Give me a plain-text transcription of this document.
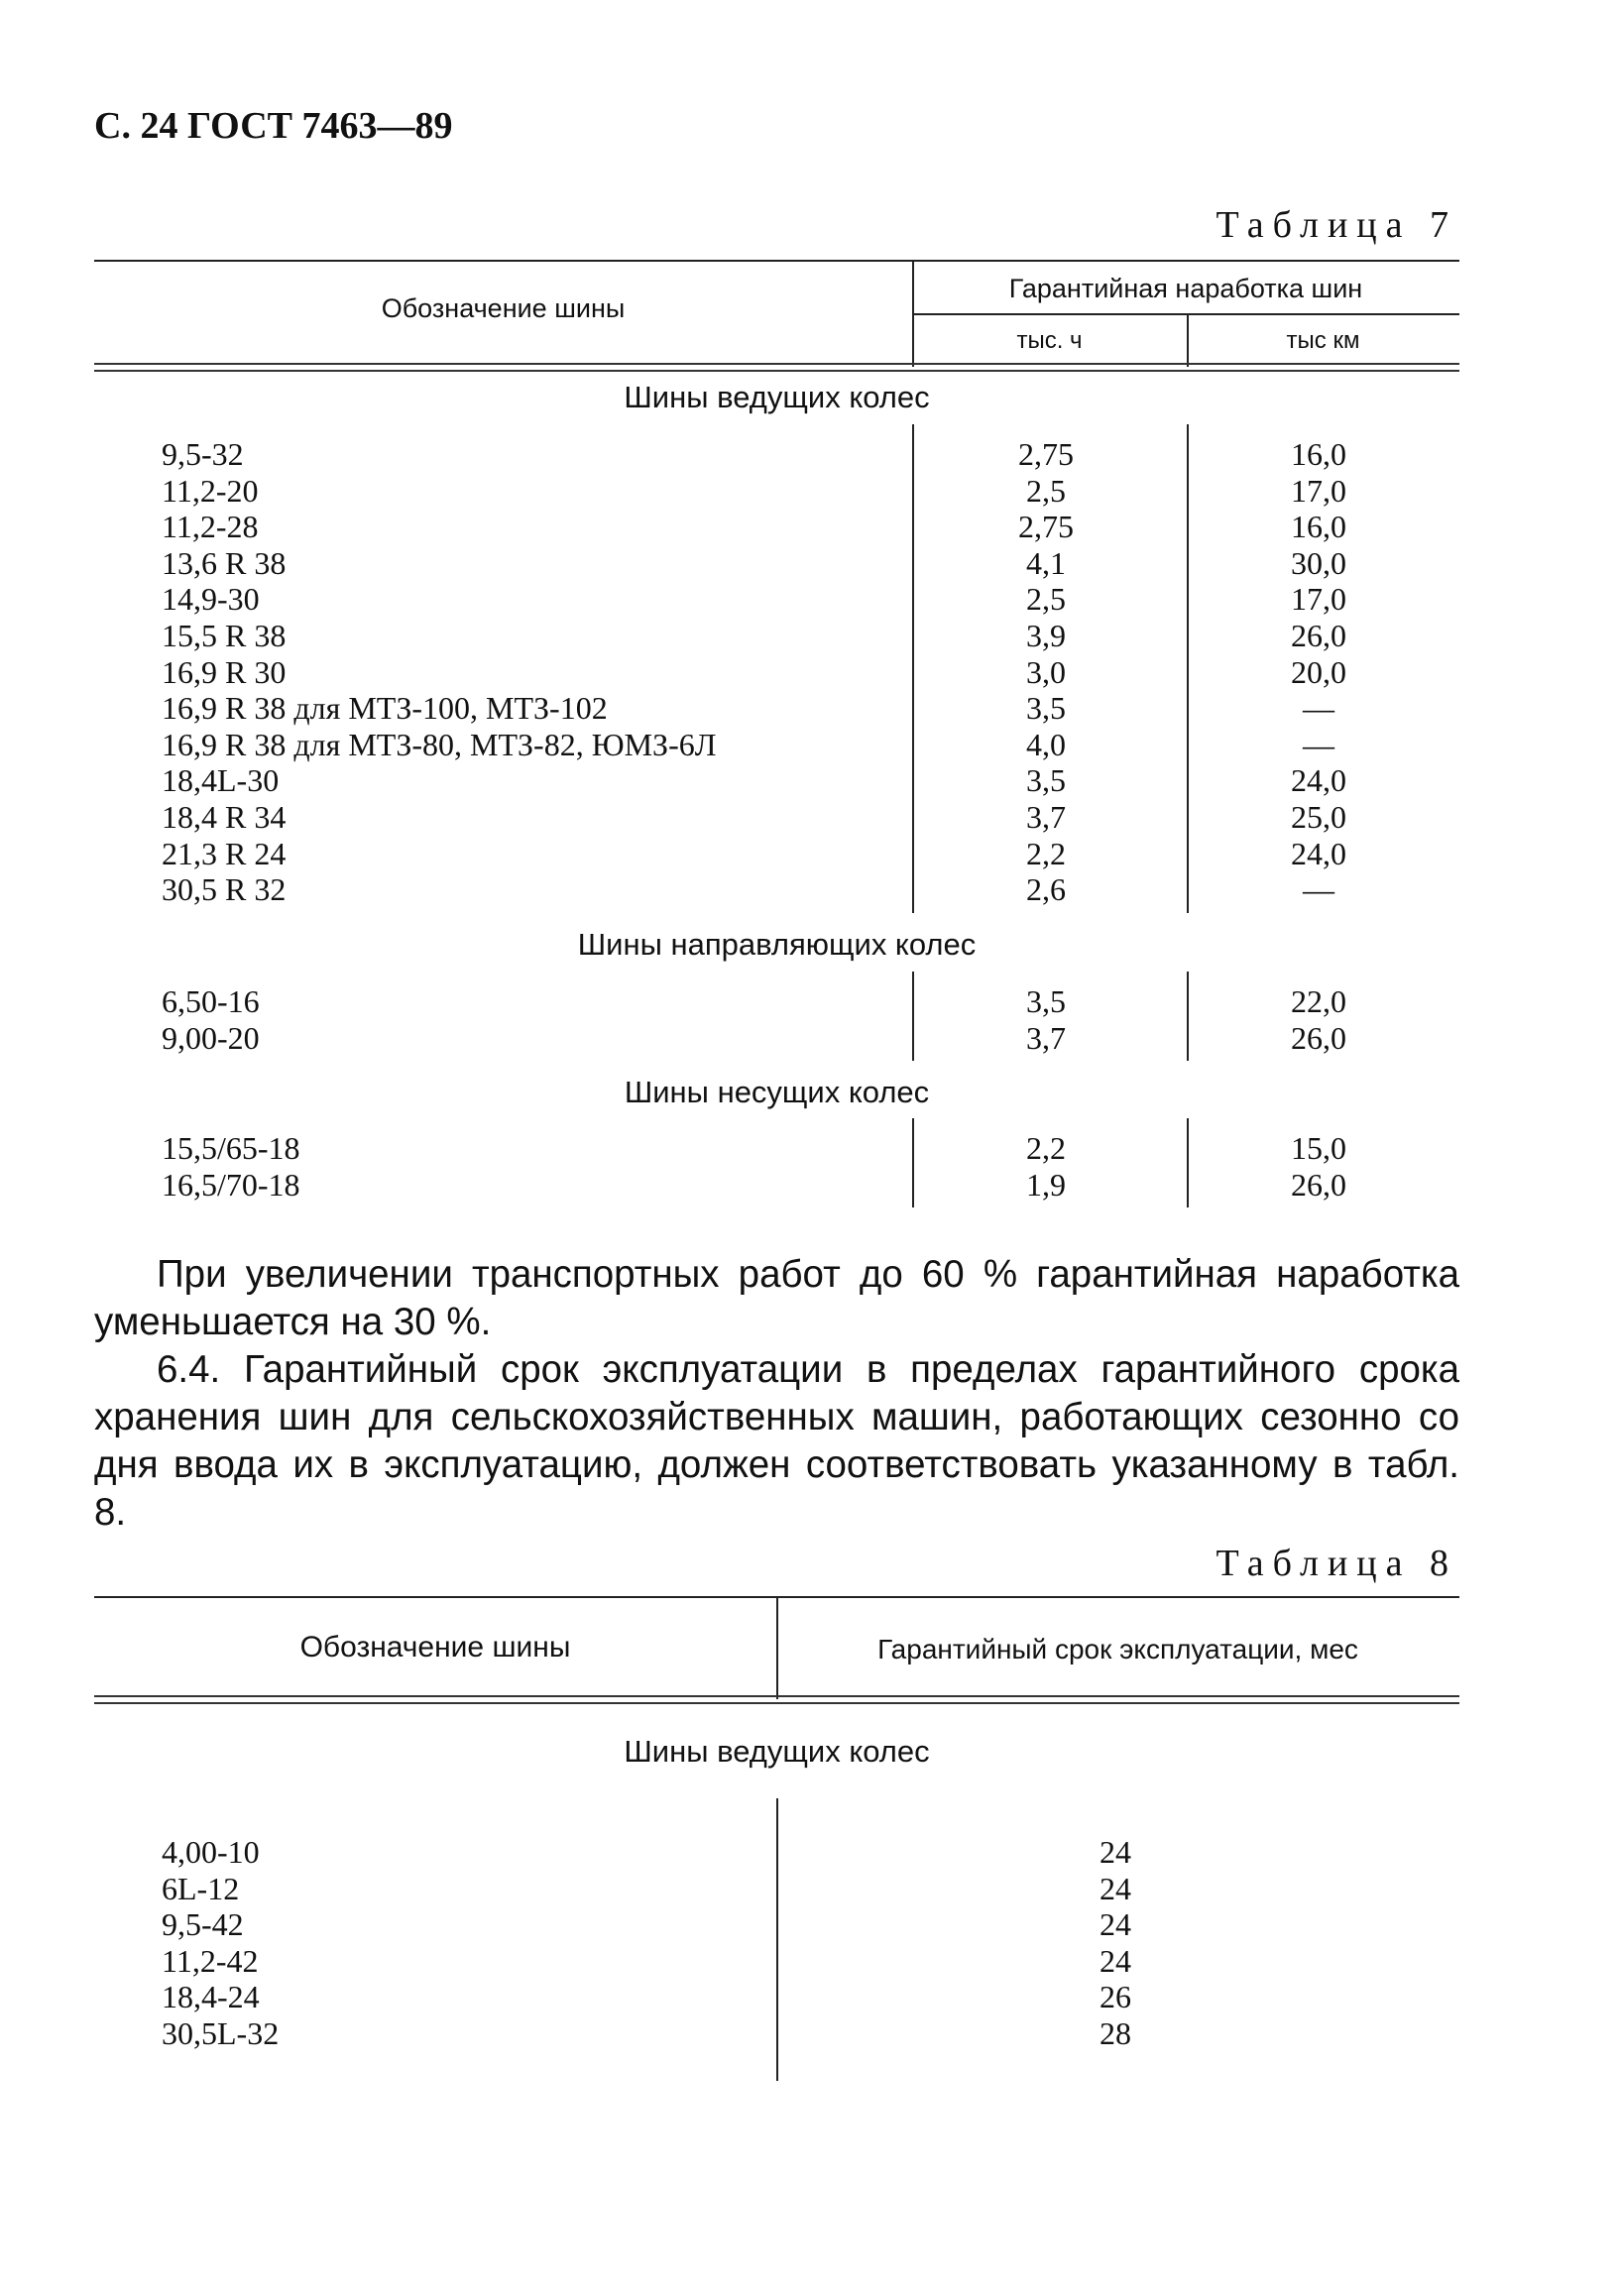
С. 24 ГОСТ 7463—89
Таблица 7
Обозначение шины
Гарантийная наработка шин
тыс. ч	тыс км
Шины ведущих колес
9,5-32
11,2-20
11,2-28
13,6 R 38
14,9-30
15,5 R 38
16,9 R 30
16,9 R 38 для МТЗ-100, МТЗ-102
16,9 R 38 для МТЗ-80, МТЗ-82, ЮМЗ-6Л
18,4L-30
18,4 R 34
21,3 R 24
30,5 R 32
2,75
2,5
2,75
4,1
2,5
3,9
3,0
3,5
4,0
3,5
3,7
2,2
2,6
16,0
17,0
16,0
30,0
17,0
26,0
20,0
—
—
24,0
25,0
24,0
—
Шины направляющих колес
6,50-16
9,00-20
3,5
3,7
22,0
26,0
Шины несущих колес
15,5/65-18
16,5/70-18
2,2
1,9
15,0
26,0

При увеличении транспортных работ до 60 % гарантийная наработка уменьшается на 30 %.

6.4. Гарантийный срок эксплуатации в пределах гарантийного срока хранения шин для сельскохозяйственных машин, работающих сезонно со дня ввода их в эксплуатацию, должен соответствовать указанному в табл. 8.

Таблица 8
Обозначение шины	Гарантийный срок эксплуатации, мес
Шины ведущих колес
4,00-10
6L-12
9,5-42
11,2-42
18,4-24
30,5L-32
24
24
24
24
26
28
